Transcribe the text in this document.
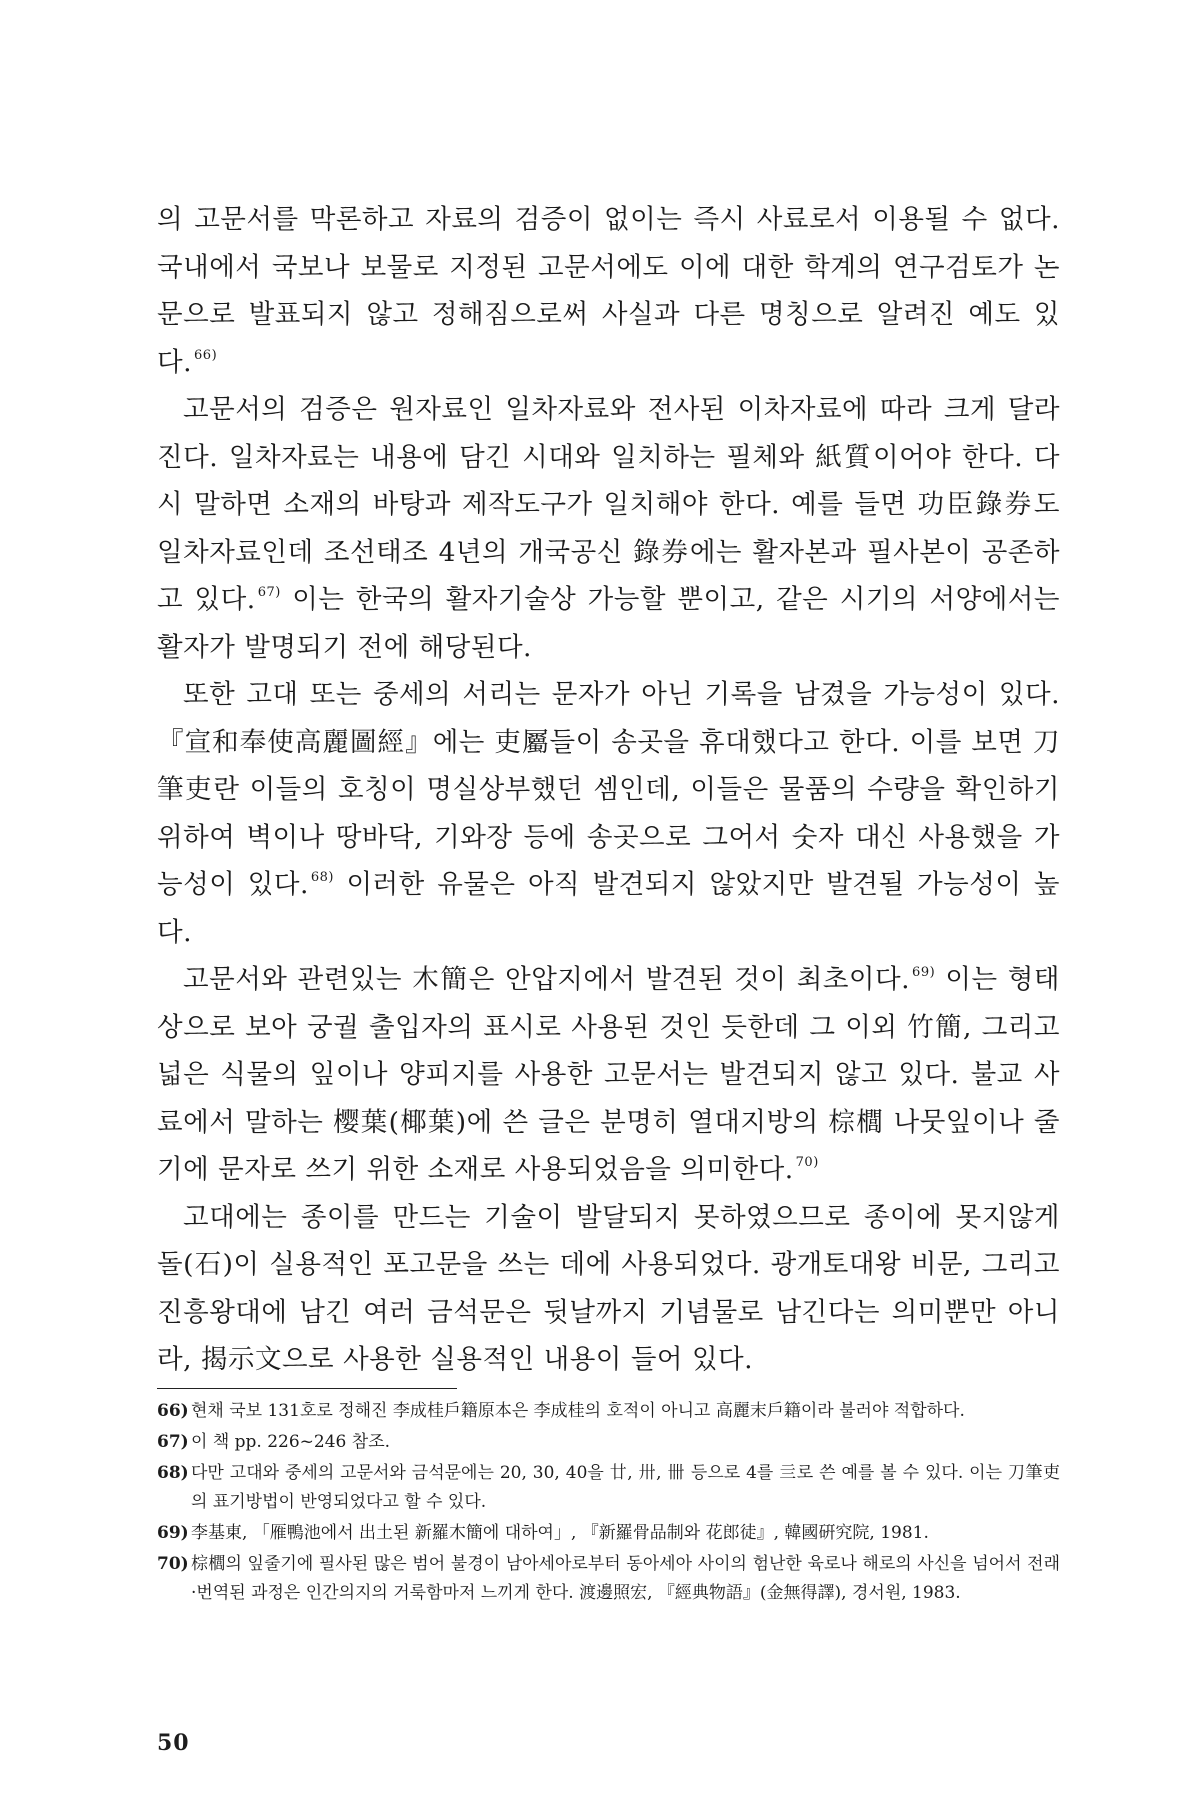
의 고문서를 막론하고 자료의 검증이 없이는 즉시 사료로서 이용될 수 없다. 국내에서 국보나 보물로 지정된 고문서에도 이에 대한 학계의 연구검토가 논문으로 발표되지 않고 정해짐으로써 사실과 다른 명칭으로 알려진 예도 있다. $^{66)}$

고문서의 검증은 원자료인 일차자료와 전사된 이차자료에 따라 크게 달라진다. 일차자료는 내용에 담긴 시대와 일치하는 필체와 紙質이어야 한다. 다시 말하면 소재의 바탕과 제작도구가 일치해야 한다. 예를 들면 功臣錄券도 일차자료인데 조선태조 4년의 개국공신 錄券에는 활자본과 필사본이 공존하고 있다. $^{67)}$ 이는 한국의 활자기술상 가능할 뿐이고, 같은 시기의 서양에서는 활자가 발명되기 전에 해당된다.

또한 고대 또는 중세의 서리는 문자가 아닌 기록을 남겼을 가능성이 있다. 『宣和奉使高麗圖經』에는 吏屬들이 송곳을 휴대했다고 한다. 이를 보면 刀筆吏란 이들의 호칭이 명실상부했던 셈인데, 이들은 물품의 수량을 확인하기 위하여 벽이나 땅바닥, 기와장 등에 송곳으로 그어서 숫자 대신 사용했을 가능성이 있다. $^{68)}$ 이러한 유물은 아직 발견되지 않았지만 발견될 가능성이 높다.

고문서와 관련있는 木簡은 안압지에서 발견된 것이 최초이다. $^{69)}$ 이는 형태상으로 보아 궁궐 출입자의 표시로 사용된 것인 듯한데 그 이외 竹簡, 그리고 넓은 식물의 잎이나 양피지를 사용한 고문서는 발견되지 않고 있다. 불교 사료에서 말하는 樱葉(椰葉)에 쓴 글은 분명히 열대지방의 棕櫚 나뭇잎이나 줄기에 문자로 쓰기 위한 소재로 사용되었음을 의미한다. $^{70)}$

고대에는 종이를 만드는 기술이 발달되지 못하였으므로 종이에 못지않게 돌(石)이 실용적인 포고문을 쓰는 데에 사용되었다. 광개토대왕 비문, 그리고 진흥왕대에 남긴 여러 금석문은 뒷날까지 기념물로 남긴다는 의미뿐만 아니라, 揭示文으로 사용한 실용적인 내용이 들어 있다.

66) 현채 국보 131호로 정해진 李成桂戶籍原本은 李成桂의 호적이 아니고 高麗末戶籍이라 불러야 적합하다.
67) 이 책 pp. 226~246 참조.
68) 다만 고대와 중세의 고문서와 금석문에는 20, 30, 40을 廿, 卅, 卌 등으로 4를 亖로 쓴 예를 볼 수 있다. 이는 刀筆吏의 표기방법이 반영되었다고 할 수 있다.
69) 李基東, 「雁鴨池에서 出土된 新羅木簡에 대하여」, 『新羅骨品制와 花郎徒』, 韓國硏究院, 1981.
70) 棕櫚의 잎줄기에 필사된 많은 범어 불경이 남아세아로부터 동아세아 사이의 험난한 육로나 해로의 사신을 넘어서 전래·번역된 과정은 인간의지의 거룩함마저 느끼게 한다. 渡邊照宏, 『經典物語』(金無得譯), 경서원, 1983.
50
